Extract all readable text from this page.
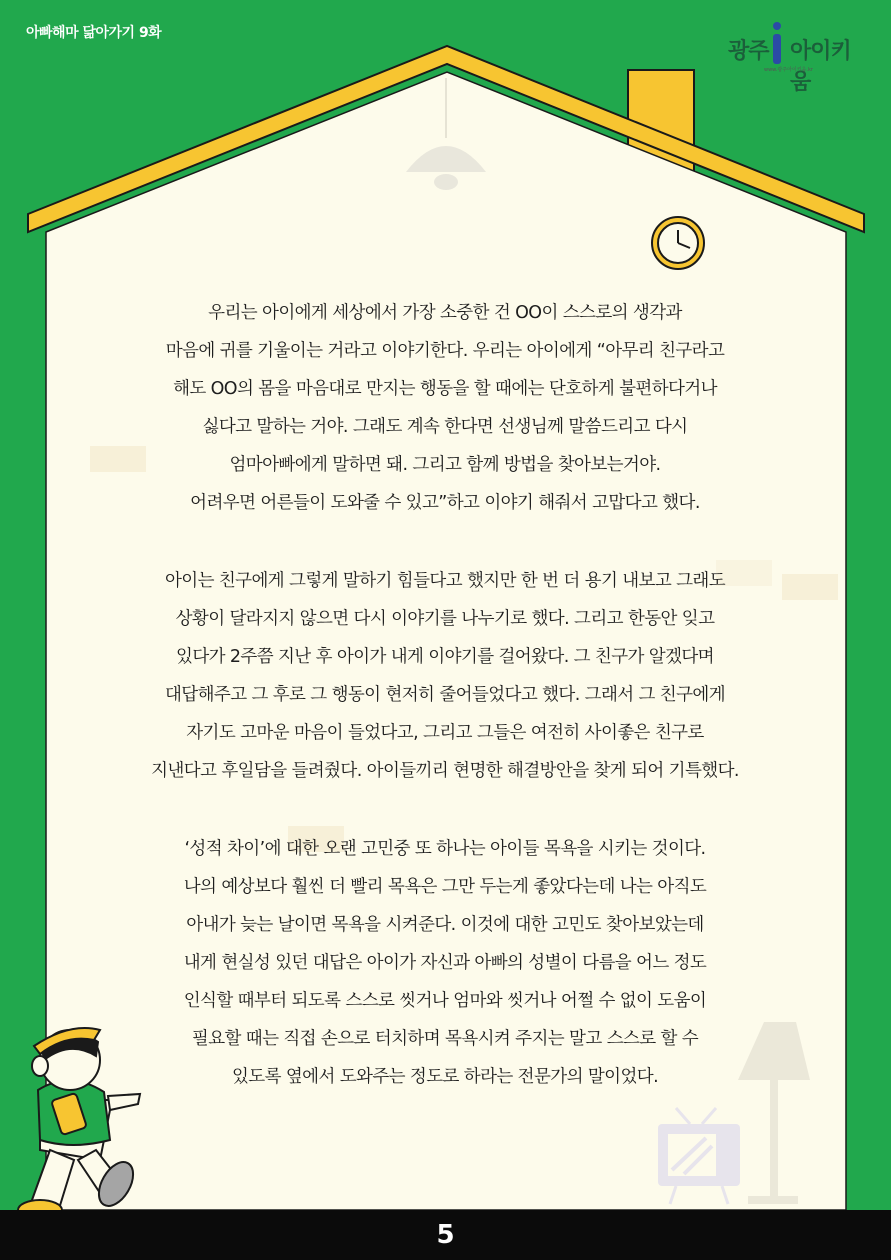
아빠해마 닮아가기 9화
광주 아이키움
www.광주아이키움.kr
우리는 아이에게 세상에서 가장 소중한 건 OO이 스스로의 생각과
마음에 귀를 기울이는 거라고 이야기한다. 우리는 아이에게 “아무리 친구라고
해도 OO의 몸을 마음대로 만지는 행동을 할 때에는 단호하게 불편하다거나
싫다고 말하는 거야. 그래도 계속 한다면 선생님께 말씀드리고 다시
엄마아빠에게 말하면 돼. 그리고 함께 방법을 찾아보는거야.
어려우면 어른들이 도와줄 수 있고”하고 이야기 해줘서 고맙다고 했다.
아이는 친구에게 그렇게 말하기 힘들다고 했지만 한 번 더 용기 내보고 그래도
상황이 달라지지 않으면 다시 이야기를 나누기로 했다. 그리고 한동안 잊고
있다가 2주쯤 지난 후 아이가 내게 이야기를 걸어왔다. 그 친구가 알겠다며
대답해주고 그 후로 그 행동이 현저히 줄어들었다고 했다. 그래서 그 친구에게
자기도 고마운 마음이 들었다고, 그리고 그들은 여전히 사이좋은 친구로
지낸다고 후일담을 들려줬다. 아이들끼리 현명한 해결방안을 찾게 되어 기특했다.
‘성적 차이’에 대한 오랜 고민중 또 하나는 아이들 목욕을 시키는 것이다.
나의 예상보다 훨씬 더 빨리 목욕은 그만 두는게 좋았다는데 나는 아직도
아내가 늦는 날이면 목욕을 시켜준다. 이것에 대한 고민도 찾아보았는데
내게 현실성 있던 대답은 아이가 자신과 아빠의 성별이 다름을 어느 정도
인식할 때부터 되도록 스스로 씻거나 엄마와 씻거나 어쩔 수 없이 도움이
필요할 때는 직접 손으로 터치하며 목욕시켜 주지는 말고 스스로 할 수
있도록 옆에서 도와주는 정도로 하라는 전문가의 말이었다.
5
